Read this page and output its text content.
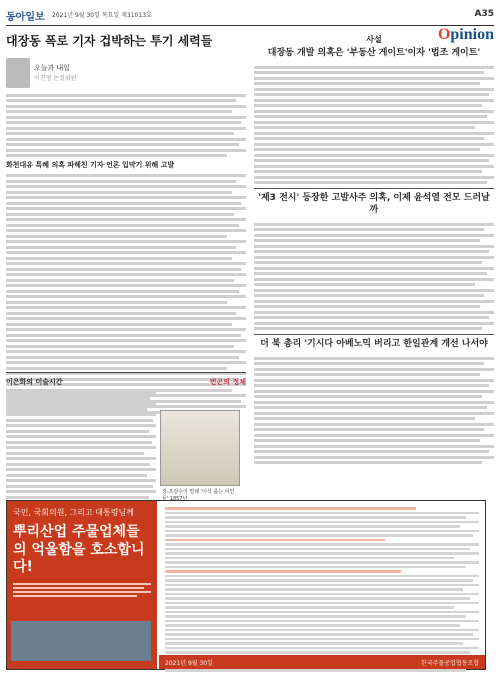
동아일보 2021년 9월 30일 목요일 제31013호	A35
Opinion
대장동 폭로 기자 겁박하는 투기 세력들
오늘과 내일
이진영 논설위원
화천대유 특혜 의혹 파헤친 기자 언론 입막기 위해 고발
이은화의 미술시간	빈곤의 정체
장-프랑수아 밀레 '이삭 줍는 여인들' 1857년
사설
대장동 개발 의혹은 '부동산 게이트'이자 '법조 게이트'
'제3 전시' 등장한 고발사주 의혹, 이제 윤석열 전모 드러날까
더 북 총리 '기시다 아베노믹 버리고 한일관계 개선 나서야
국민, 국회의원, 그리고 대통령님께
뿌리산업 주물업체들의 억울함을 호소합니다!
2021년 9월 30일	한국주물공업협동조합
